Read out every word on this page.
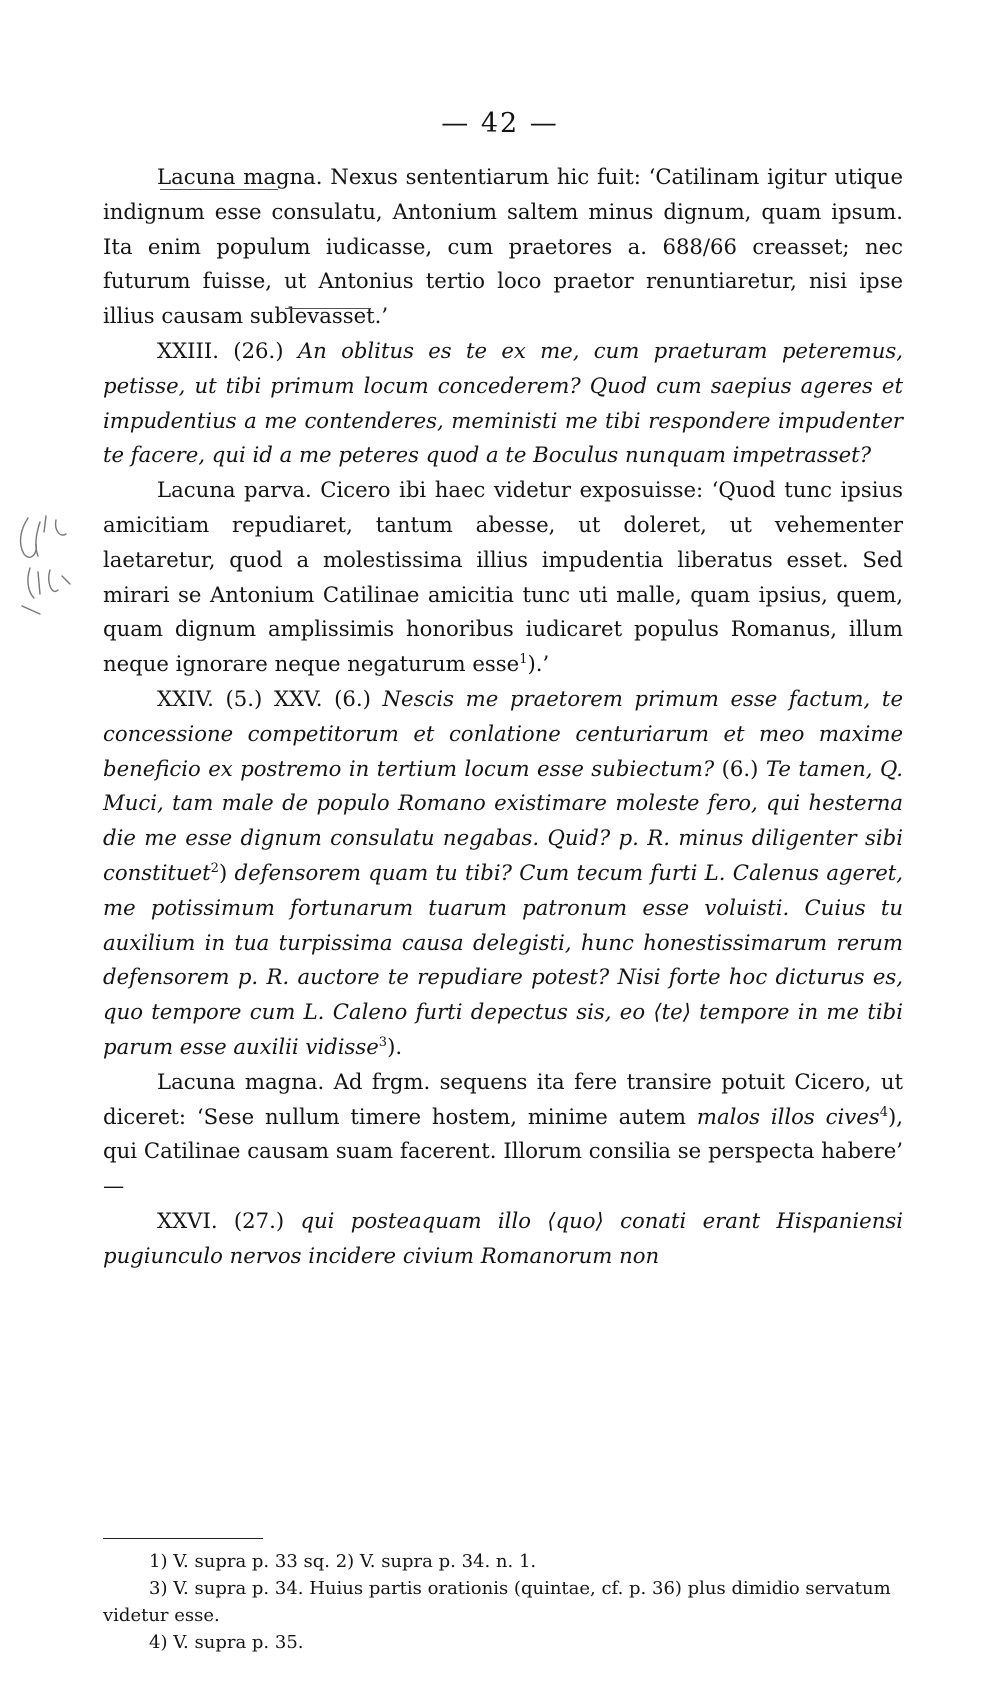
— 42 —

Lacuna magna. Nexus sententiarum hic fuit: ‘Catilinam igitur utique indignum esse consulatu, Antonium saltem minus dignum, quam ipsum. Ita enim populum iudicasse, cum praetores a. 688/66 creasset; nec futurum fuisse, ut Antonius tertio loco praetor renuntiaretur, nisi ipse illius causam sublevasset.’

XXIII. (26.) An oblitus es te ex me, cum praeturam peteremus, petisse, ut tibi primum locum concederem? Quod cum saepius ageres et impudentius a me contenderes, meministi me tibi respondere impudenter te facere, qui id a me peteres quod a te Boculus nunquam impetrasset?

Lacuna parva. Cicero ibi haec videtur exposuisse: ‘Quod tunc ipsius amicitiam repudiaret, tantum abesse, ut doleret, ut vehementer laetaretur, quod a molestissima illius impudentia liberatus esset. Sed mirari se Antonium Catilinae amicitia tunc uti malle, quam ipsius, quem, quam dignum amplissimis honoribus iudicaret populus Romanus, illum neque ignorare neque negaturum esse$^1$).’

XXIV. (5.) XXV. (6.) Nescis me praetorem primum esse factum, te concessione competitorum et conlatione centuriarum et meo maxime beneficio ex postremo in tertium locum esse subiectum? (6.) Te tamen, Q. Muci, tam male de populo Romano existimare moleste fero, qui hesterna die me esse dignum consulatu negabas. Quid? p. R. minus diligenter sibi constituet$^2$) defensorem quam tu tibi? Cum tecum furti L. Calenus ageret, me potissimum fortunarum tuarum patronum esse voluisti. Cuius tu auxilium in tua turpissima causa delegisti, hunc honestissimarum rerum defensorem p. R. auctore te repudiare potest? Nisi forte hoc dicturus es, quo tempore cum L. Caleno furti depectus sis, eo ⟨te⟩ tempore in me tibi parum esse auxilii vidisse$^3$).

Lacuna magna. Ad frgm. sequens ita fere transire potuit Cicero, ut diceret: ‘Sese nullum timere hostem, minime autem malos illos cives$^4$), qui Catilinae causam suam facerent. Illorum consilia se perspecta habere’ —

XXVI. (27.) qui posteaquam illo ⟨quo⟩ conati erant Hispaniensi pugiunculo nervos incidere civium Romanorum non

1) V. supra p. 33 sq. 2) V. supra p. 34. n. 1.

3) V. supra p. 34. Huius partis orationis (quintae, cf. p. 36) plus dimidio servatum videtur esse.

4) V. supra p. 35.
